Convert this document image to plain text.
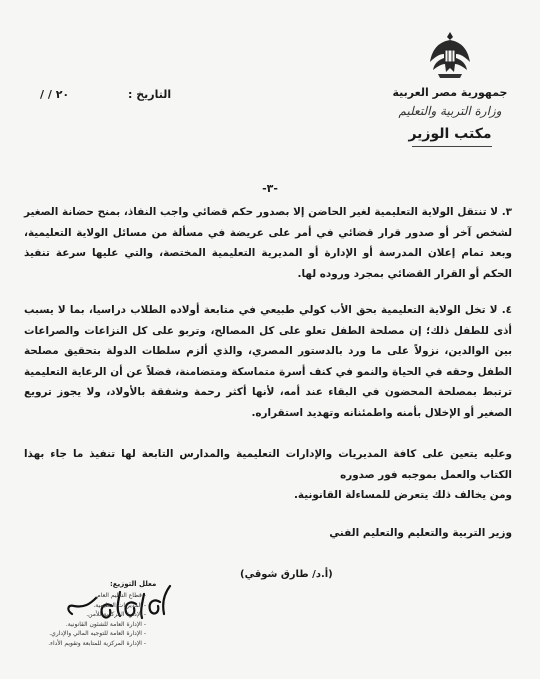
جمهورية مصر العربية
وزارة التربية والتعليم
مكتب الوزير
التاريخ :
/ / ٢٠
-٣-
٣. لا تنتقل الولاية التعليمية لغير الحاضن إلا بصدور حكم قضائي واجب النفاذ، بمنح حضانة الصغير لشخص آخر أو صدور قرار قضائي في أمر على عريضة في مسألة من مسائل الولاية التعليمية، وبعد تمام إعلان المدرسة أو الإدارة أو المديرية التعليمية المختصة، والتي عليها سرعة تنفيذ الحكم أو القرار القضائي بمجرد وروده لها.
٤. لا تخل الولاية التعليمية بحق الأب كولي طبيعي في متابعة أولاده الطلاب دراسيا، بما لا يسبب أذى للطفل ذلك؛ إن مصلحة الطفل تعلو على كل المصالح، وتربو على كل النزاعات والصراعات بين الوالدين، نزولاً على ما ورد بالدستور المصري، والذي ألزم سلطات الدولة بتحقيق مصلحة الطفل وحقه في الحياة والنمو في كنف أسرة متماسكة ومتضامنة، فضلاً عن أن الرعاية التعليمية ترتبط بمصلحة المحضون في البقاء عند أمه، لأنها أكثر رحمة وشفقة بالأولاد، ولا يجوز ترويع الصغير أو الإخلال بأمنه واطمئنانه وتهديد استقراره.
وعليه يتعين على كافة المديريات والإدارات التعليمية والمدارس التابعة لها تنفيذ ما جاء بهذا الكتاب والعمل بموجبه فور صدوره
ومن يخالف ذلك يتعرض للمساءلة القانونية.
وزير التربية والتعليم والتعليم الفني
(أ.د/ طارق شوقي)
معلل التوزيع:
- قطاع التعليم العام.
- المديريات التعليمية.
- الإدارة المركزية للأمن.
- الإدارة العامة للشئون القانونية.
- الإدارة العامة للتوجيه المالي والإداري.
- الإدارة المركزية للمتابعة وتقويم الأداء.
